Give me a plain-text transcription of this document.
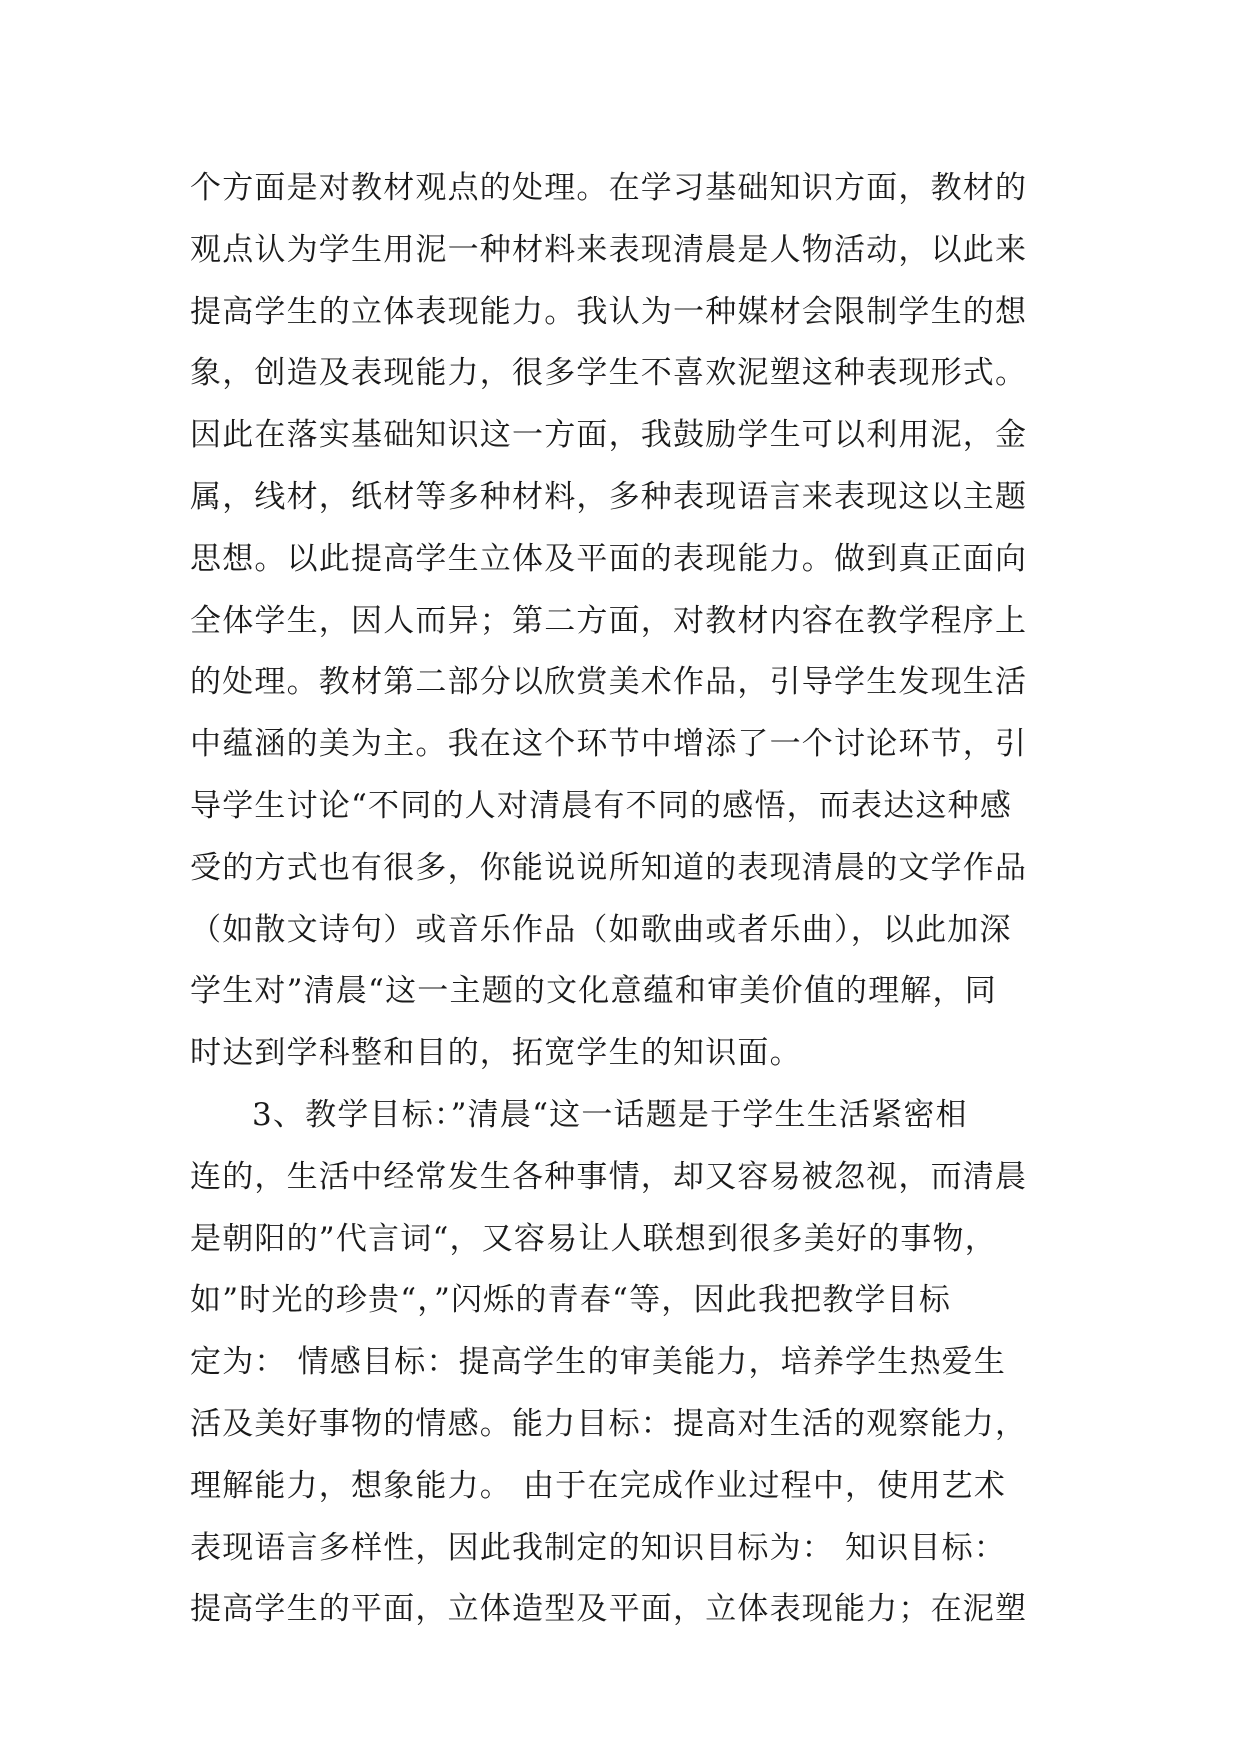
个方面是对教材观点的处理。在学习基础知识方面，教材的
观点认为学生用泥一种材料来表现清晨是人物活动，以此来
提高学生的立体表现能力。我认为一种媒材会限制学生的想
象，创造及表现能力，很多学生不喜欢泥塑这种表现形式。
因此在落实基础知识这一方面，我鼓励学生可以利用泥，金
属，线材，纸材等多种材料，多种表现语言来表现这以主题
思想。以此提高学生立体及平面的表现能力。做到真正面向
全体学生，因人而异；第二方面，对教材内容在教学程序上
的处理。教材第二部分以欣赏美术作品，引导学生发现生活
中蕴涵的美为主。我在这个环节中增添了一个讨论环节，引
导学生讨论“不同的人对清晨有不同的感悟，而表达这种感
受的方式也有很多，你能说说所知道的表现清晨的文学作品
（如散文诗句）或音乐作品（如歌曲或者乐曲），以此加深
学生对”清晨“这一主题的文化意蕴和审美价值的理解，同
时达到学科整和目的，拓宽学生的知识面。
3、教学目标：”清晨“这一话题是于学生生活紧密相
连的，生活中经常发生各种事情，却又容易被忽视，而清晨
是朝阳的”代言词“，又容易让人联想到很多美好的事物，
如”时光的珍贵“，”闪烁的青春“等，因此我把教学目标
定为： 情感目标：提高学生的审美能力，培养学生热爱生
活及美好事物的情感。能力目标：提高对生活的观察能力，
理解能力，想象能力。 由于在完成作业过程中，使用艺术
表现语言多样性，因此我制定的知识目标为： 知识目标：
提高学生的平面，立体造型及平面，立体表现能力；在泥塑
